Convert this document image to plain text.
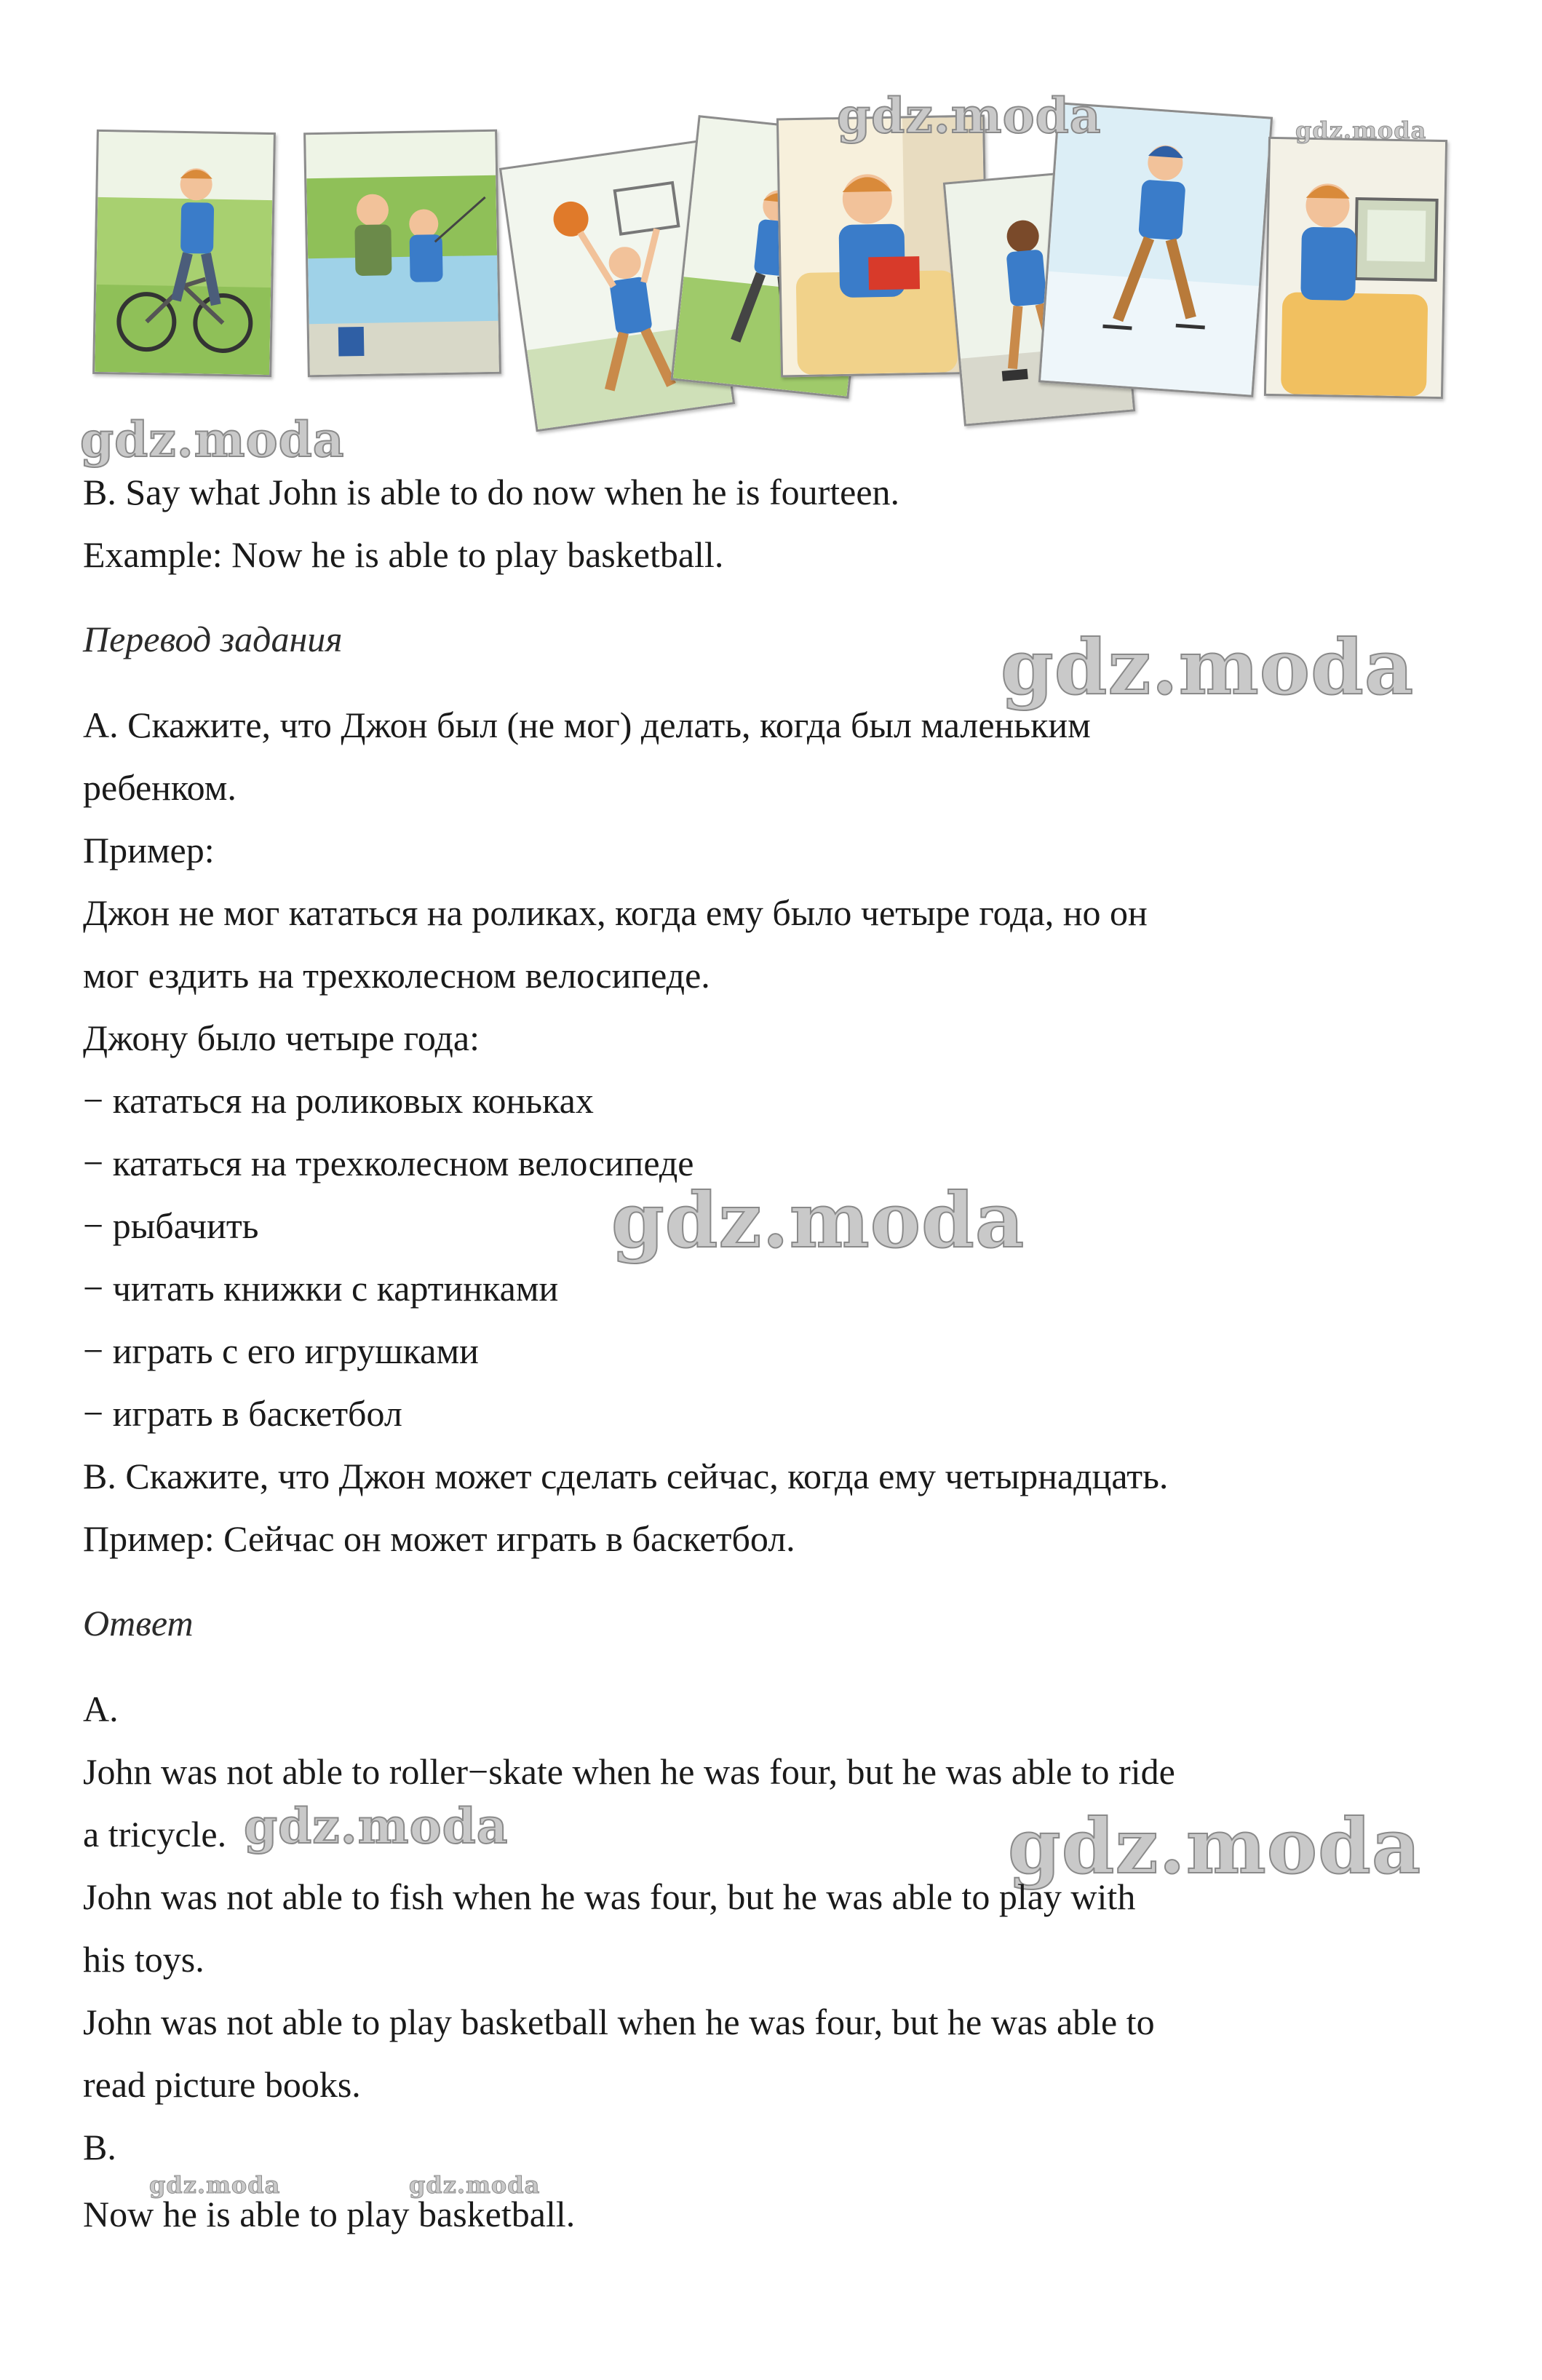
gdz.moda	gdz.moda
gdz.moda
gdz.moda
gdz.moda
gdz.moda	gdz.moda
gdz.moda	gdz.moda

B. Say what John is able to do now when he is fourteen.

Example: Now he is able to play basketball.

Перевод задания

А. Скажите, что Джон был (не мог) делать, когда был маленьким

ребенком.

Пример:

Джон не мог кататься на роликах, когда ему было четыре года, но он

мог ездить на трехколесном велосипеде.

Джону было четыре года:

− кататься на роликовых коньках

− кататься на трехколесном велосипеде

− рыбачить

− читать книжки с картинками

− играть с его игрушками

− играть в баскетбол

B. Скажите, что Джон может сделать сейчас, когда ему четырнадцать.

Пример: Сейчас он может играть в баскетбол.

Ответ

A.

John was not able to roller−skate when he was four, but he was able to ride

a tricycle.

John was not able to fish when he was four, but he was able to play with

his toys.

John was not able to play basketball when he was four, but he was able to

read picture books.

B.

Now he is able to play basketball.
